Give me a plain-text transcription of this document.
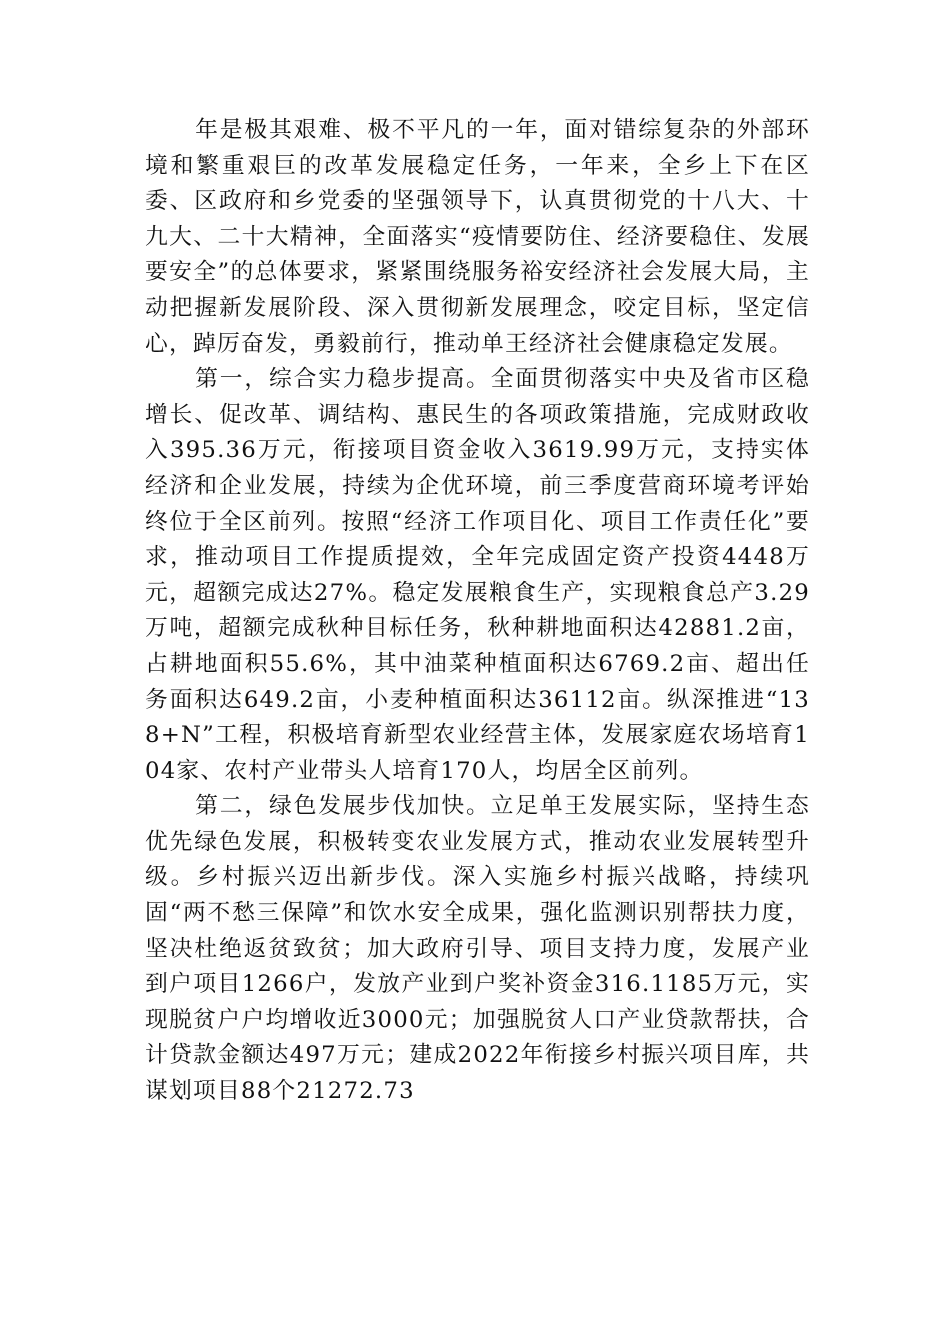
年是极其艰难、极不平凡的一年，面对错综复杂的外部环境和繁重艰巨的改革发展稳定任务，一年来，全乡上下在区委、区政府和乡党委的坚强领导下，认真贯彻党的十八大、十九大、二十大精神，全面落实“疫情要防住、经济要稳住、发展要安全”的总体要求，紧紧围绕服务裕安经济社会发展大局，主动把握新发展阶段、深入贯彻新发展理念，咬定目标，坚定信心，踔厉奋发，勇毅前行，推动单王经济社会健康稳定发展。

第一，综合实力稳步提高。全面贯彻落实中央及省市区稳增长、促改革、调结构、惠民生的各项政策措施，完成财政收入395.36万元，衔接项目资金收入3619.99万元，支持实体经济和企业发展，持续为企优环境，前三季度营商环境考评始终位于全区前列。按照“经济工作项目化、项目工作责任化”要求，推动项目工作提质提效，全年完成固定资产投资4448万元，超额完成达27%。稳定发展粮食生产，实现粮食总产3.29万吨，超额完成秋种目标任务，秋种耕地面积达42881.2亩，占耕地面积55.6%，其中油菜种植面积达6769.2亩、超出任务面积达649.2亩，小麦种植面积达36112亩。纵深推进“138+N”工程，积极培育新型农业经营主体，发展家庭农场培育104家、农村产业带头人培育170人，均居全区前列。

第二，绿色发展步伐加快。立足单王发展实际，坚持生态优先绿色发展，积极转变农业发展方式，推动农业发展转型升级。乡村振兴迈出新步伐。深入实施乡村振兴战略，持续巩固“两不愁三保障”和饮水安全成果，强化监测识别帮扶力度，坚决杜绝返贫致贫；加大政府引导、项目支持力度，发展产业到户项目1266户，发放产业到户奖补资金316.1185万元，实现脱贫户户均增收近3000元；加强脱贫人口产业贷款帮扶，合计贷款金额达497万元；建成2022年衔接乡村振兴项目库，共谋划项目88个21272.73
